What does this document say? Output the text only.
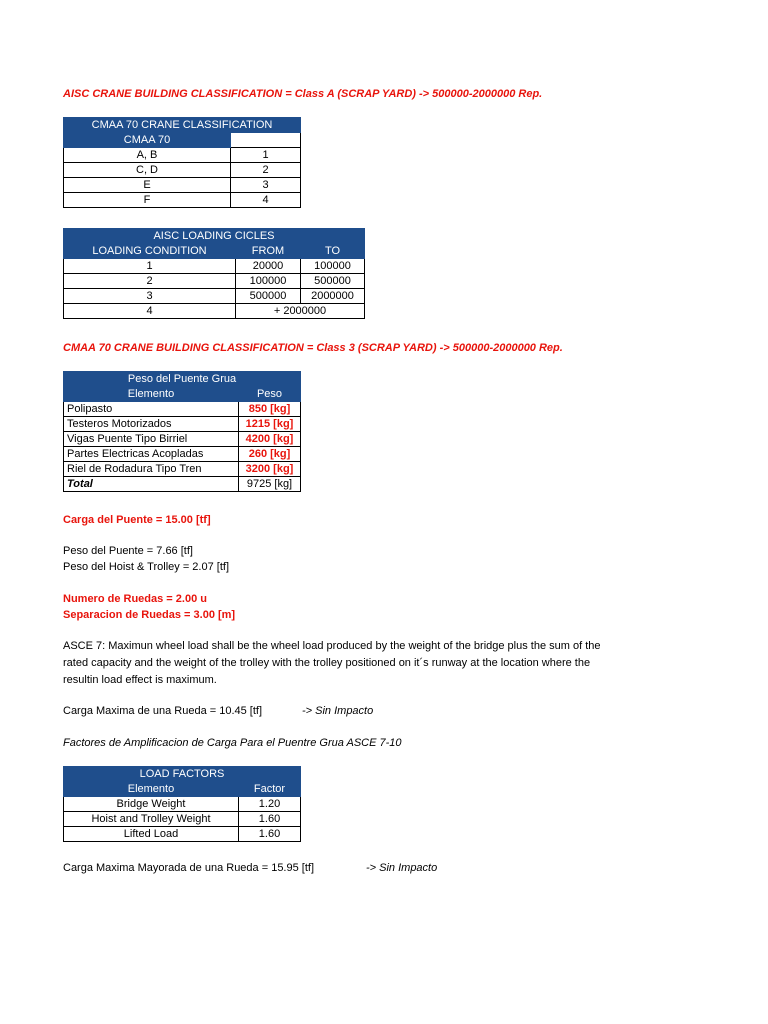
AISC CRANE BUILDING CLASSIFICATION = Class A (SCRAP YARD) -> 500000-2000000 Rep.
CMAA 70 CRANE CLASSIFICATION	
CMAA 70	
A, B	1
C, D	2
E	3
F	4
AISC LOADING CICLES		
LOADING CONDITION	FROM	TO
1	20000	100000
2	100000	500000
3	500000	2000000
4	+ 2000000	
CMAA 70 CRANE BUILDING CLASSIFICATION = Class 3 (SCRAP YARD) -> 500000-2000000 Rep.
Peso del Puente Grua	
Elemento	Peso
Polipasto	850 [kg]
Testeros Motorizados	1215 [kg]
Vigas Puente Tipo Birriel	4200 [kg]
Partes Electricas Acopladas	260 [kg]
Riel de Rodadura Tipo Tren	3200 [kg]
Total	9725 [kg]
Carga del Puente = 15.00 [tf]
Peso del Puente = 7.66 [tf]
Peso del Hoist & Trolley = 2.07 [tf]
Numero de Ruedas = 2.00 u
Separacion de Ruedas = 3.00 [m]
ASCE 7: Maximun wheel load shall be the wheel load produced by the weight of the bridge plus the sum of the rated capacity and the weight of the trolley with the trolley positioned on it´s runway at the location where the resultin load effect is maximum.
Carga Maxima de una Rueda = 10.45 [tf]	-> Sin Impacto
Factores de Amplificacion de Carga Para el Puentre Grua ASCE 7-10
LOAD FACTORS	
Elemento	Factor
Bridge Weight	1.20
Hoist and Trolley Weight	1.60
Lifted Load	1.60
Carga Maxima Mayorada de una Rueda = 15.95 [tf]	-> Sin Impacto
